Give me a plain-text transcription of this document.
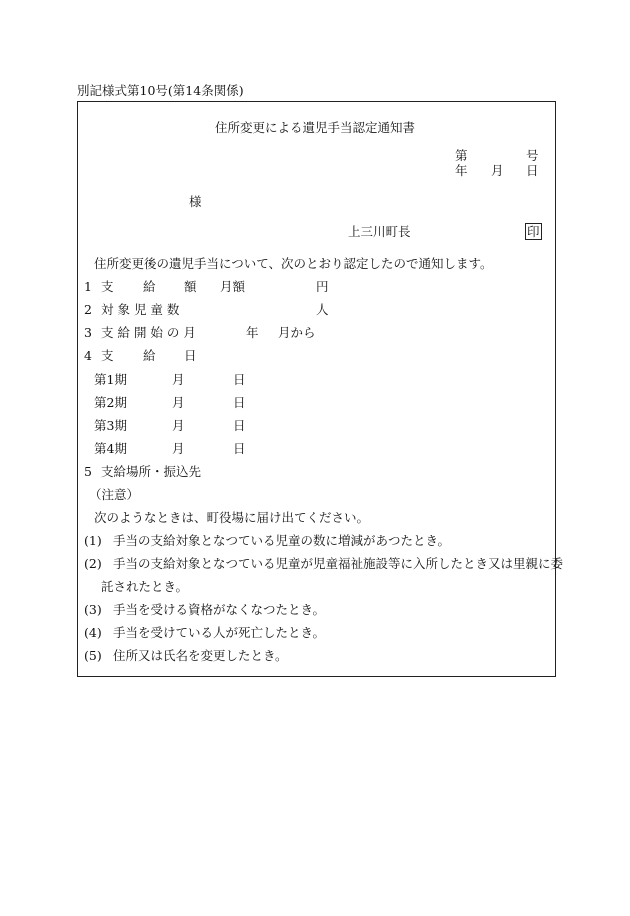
別記様式第10号(第14条関係)
住所変更による遺児手当認定通知書
第	号
年 月 日
様
上三川町長	印
住所変更後の遺児手当について、次のとおり認定したので通知します。
1 支 給 額 月額	円
2 対 象 児 童 数	人
3 支 給 開 始 の 月	年 月から
4 支 給 日
第1期	月	日
第2期	月	日
第3期	月	日
第4期	月	日
5 支給場所・振込先
（注意）
次のようなときは、町役場に届け出てください。
(1) 手当の支給対象となつている児童の数に増減があつたとき。
(2) 手当の支給対象となつている児童が児童福祉施設等に入所したとき又は里親に委
託されたとき。
(3) 手当を受ける資格がなくなつたとき。
(4) 手当を受けている人が死亡したとき。
(5) 住所又は氏名を変更したとき。
